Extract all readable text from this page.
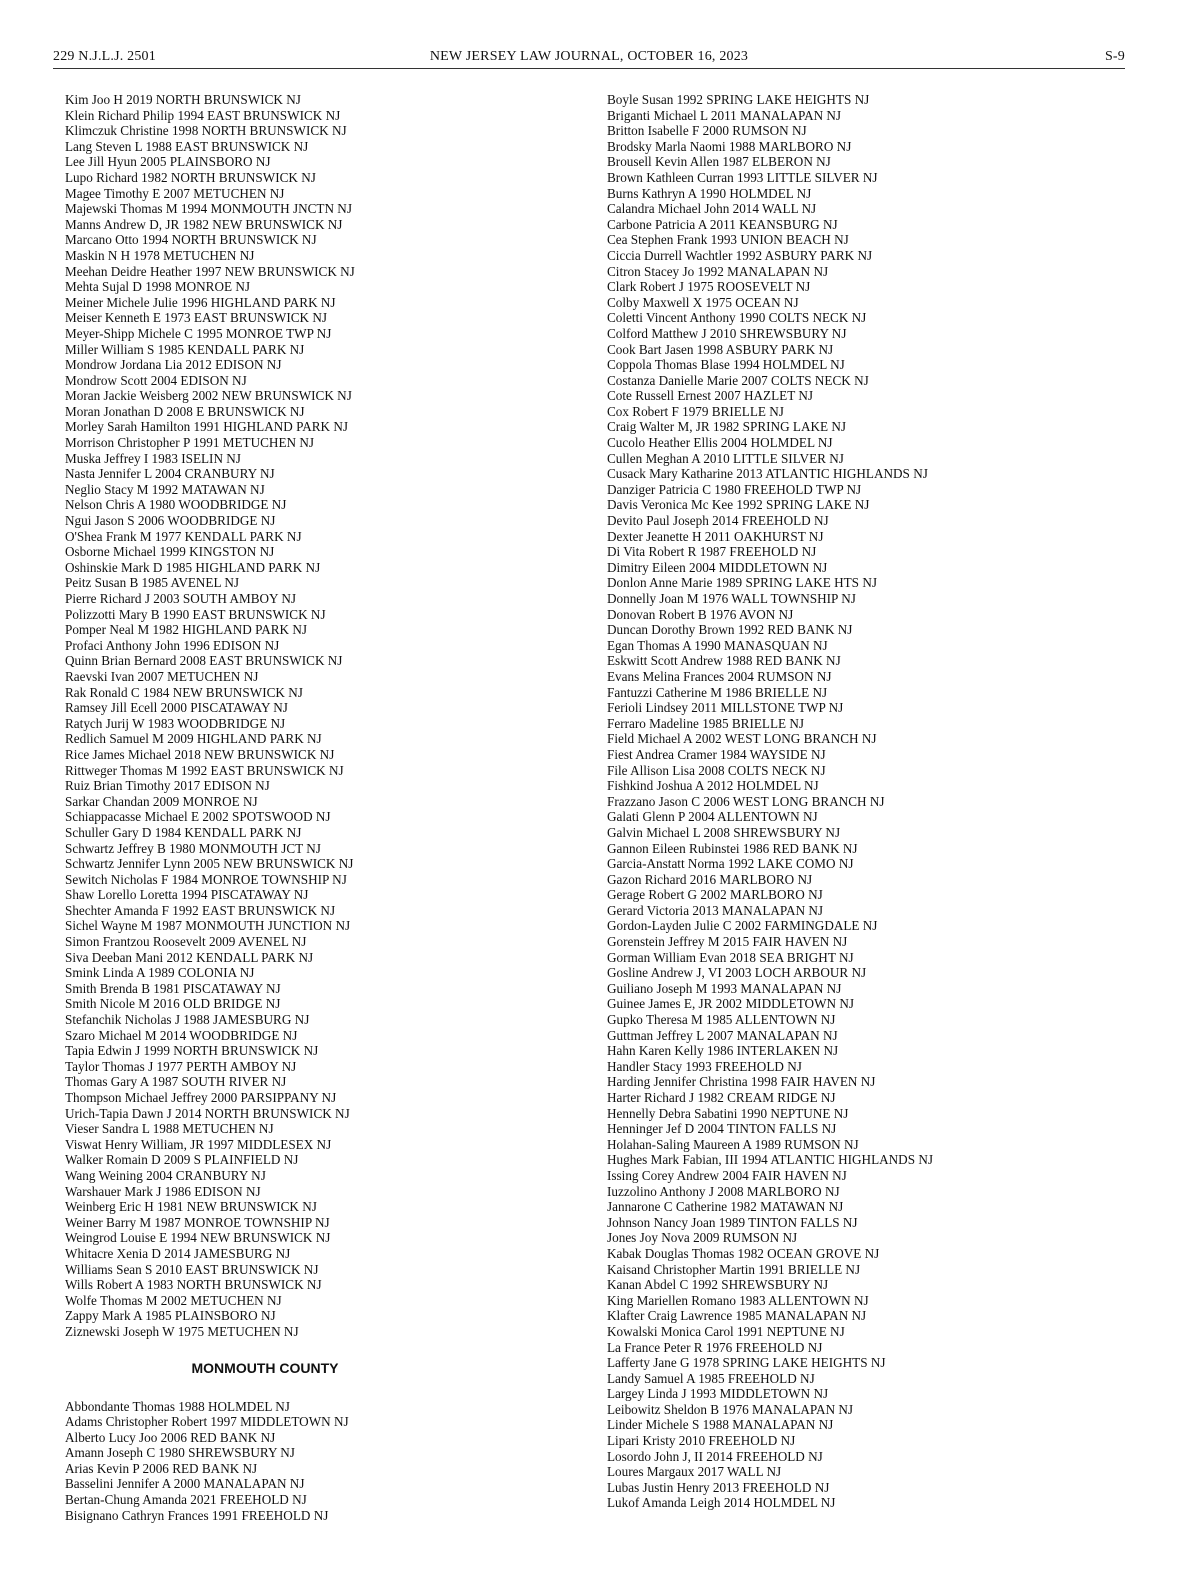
229 N.J.L.J. 2501	NEW JERSEY LAW JOURNAL, OCTOBER 16, 2023	S-9
Kim Joo H 2019 NORTH BRUNSWICK NJ
Klein Richard Philip 1994 EAST BRUNSWICK NJ
Klimczuk Christine 1998 NORTH BRUNSWICK NJ
Lang Steven L 1988 EAST BRUNSWICK NJ
Lee Jill Hyun 2005 PLAINSBORO NJ
Lupo Richard 1982 NORTH BRUNSWICK NJ
Magee Timothy E 2007 METUCHEN NJ
Majewski Thomas M 1994 MONMOUTH JNCTN NJ
Manns Andrew D, JR 1982 NEW BRUNSWICK NJ
Marcano Otto 1994 NORTH BRUNSWICK NJ
Maskin N H 1978 METUCHEN NJ
Meehan Deidre Heather 1997 NEW BRUNSWICK NJ
Mehta Sujal D 1998 MONROE NJ
Meiner Michele Julie 1996 HIGHLAND PARK NJ
Meiser Kenneth E 1973 EAST BRUNSWICK NJ
Meyer-Shipp Michele C 1995 MONROE TWP NJ
Miller William S 1985 KENDALL PARK NJ
Mondrow Jordana Lia 2012 EDISON NJ
Mondrow Scott 2004 EDISON NJ
Moran Jackie Weisberg 2002 NEW BRUNSWICK NJ
Moran Jonathan D 2008 E BRUNSWICK NJ
Morley Sarah Hamilton 1991 HIGHLAND PARK NJ
Morrison Christopher P 1991 METUCHEN NJ
Muska Jeffrey I 1983 ISELIN NJ
Nasta Jennifer L 2004 CRANBURY NJ
Neglio Stacy M 1992 MATAWAN NJ
Nelson Chris A 1980 WOODBRIDGE NJ
Ngui Jason S 2006 WOODBRIDGE NJ
O'Shea Frank M 1977 KENDALL PARK NJ
Osborne Michael 1999 KINGSTON NJ
Oshinskie Mark D 1985 HIGHLAND PARK NJ
Peitz Susan B 1985 AVENEL NJ
Pierre Richard J 2003 SOUTH AMBOY NJ
Polizzotti Mary B 1990 EAST BRUNSWICK NJ
Pomper Neal M 1982 HIGHLAND PARK NJ
Profaci Anthony John 1996 EDISON NJ
Quinn Brian Bernard 2008 EAST BRUNSWICK NJ
Raevski Ivan 2007 METUCHEN NJ
Rak Ronald C 1984 NEW BRUNSWICK NJ
Ramsey Jill Ecell 2000 PISCATAWAY NJ
Ratych Jurij W 1983 WOODBRIDGE NJ
Redlich Samuel M 2009 HIGHLAND PARK NJ
Rice James Michael 2018 NEW BRUNSWICK NJ
Rittweger Thomas M 1992 EAST BRUNSWICK NJ
Ruiz Brian Timothy 2017 EDISON NJ
Sarkar Chandan 2009 MONROE NJ
Schiappacasse Michael E 2002 SPOTSWOOD NJ
Schuller Gary D 1984 KENDALL PARK NJ
Schwartz Jeffrey B 1980 MONMOUTH JCT NJ
Schwartz Jennifer Lynn 2005 NEW BRUNSWICK NJ
Sewitch Nicholas F 1984 MONROE TOWNSHIP NJ
Shaw Lorello Loretta 1994 PISCATAWAY NJ
Shechter Amanda F 1992 EAST BRUNSWICK NJ
Sichel Wayne M 1987 MONMOUTH JUNCTION NJ
Simon Frantzou Roosevelt 2009 AVENEL NJ
Siva Deeban Mani 2012 KENDALL PARK NJ
Smink Linda A 1989 COLONIA NJ
Smith Brenda B 1981 PISCATAWAY NJ
Smith Nicole M 2016 OLD BRIDGE NJ
Stefanchik Nicholas J 1988 JAMESBURG NJ
Szaro Michael M 2014 WOODBRIDGE NJ
Tapia Edwin J 1999 NORTH BRUNSWICK NJ
Taylor Thomas J 1977 PERTH AMBOY NJ
Thomas Gary A 1987 SOUTH RIVER NJ
Thompson Michael Jeffrey 2000 PARSIPPANY NJ
Urich-Tapia Dawn J 2014 NORTH BRUNSWICK NJ
Vieser Sandra L 1988 METUCHEN NJ
Viswat Henry William, JR 1997 MIDDLESEX NJ
Walker Romain D 2009 S PLAINFIELD NJ
Wang Weining 2004 CRANBURY NJ
Warshauer Mark J 1986 EDISON NJ
Weinberg Eric H 1981 NEW BRUNSWICK NJ
Weiner Barry M 1987 MONROE TOWNSHIP NJ
Weingrod Louise E 1994 NEW BRUNSWICK NJ
Whitacre Xenia D 2014 JAMESBURG NJ
Williams Sean S 2010 EAST BRUNSWICK NJ
Wills Robert A 1983 NORTH BRUNSWICK NJ
Wolfe Thomas M 2002 METUCHEN NJ
Zappy Mark A 1985 PLAINSBORO NJ
Ziznewski Joseph W 1975 METUCHEN NJ
MONMOUTH COUNTY
Abbondante Thomas 1988 HOLMDEL NJ
Adams Christopher Robert 1997 MIDDLETOWN NJ
Alberto Lucy Joo 2006 RED BANK NJ
Amann Joseph C 1980 SHREWSBURY NJ
Arias Kevin P 2006 RED BANK NJ
Basselini Jennifer A 2000 MANALAPAN NJ
Bertan-Chung Amanda 2021 FREEHOLD NJ
Bisignano Cathryn Frances 1991 FREEHOLD NJ
Boyle Susan 1992 SPRING LAKE HEIGHTS NJ
Briganti Michael L 2011 MANALAPAN NJ
Britton Isabelle F 2000 RUMSON NJ
Brodsky Marla Naomi 1988 MARLBORO NJ
Brousell Kevin Allen 1987 ELBERON NJ
Brown Kathleen Curran 1993 LITTLE SILVER NJ
Burns Kathryn A 1990 HOLMDEL NJ
Calandra Michael John 2014 WALL NJ
Carbone Patricia A 2011 KEANSBURG NJ
Cea Stephen Frank 1993 UNION BEACH NJ
Ciccia Durrell Wachtler 1992 ASBURY PARK NJ
Citron Stacey Jo 1992 MANALAPAN NJ
Clark Robert J 1975 ROOSEVELT NJ
Colby Maxwell X 1975 OCEAN NJ
Coletti Vincent Anthony 1990 COLTS NECK NJ
Colford Matthew J 2010 SHREWSBURY NJ
Cook Bart Jasen 1998 ASBURY PARK NJ
Coppola Thomas Blase 1994 HOLMDEL NJ
Costanza Danielle Marie 2007 COLTS NECK NJ
Cote Russell Ernest 2007 HAZLET NJ
Cox Robert F 1979 BRIELLE NJ
Craig Walter M, JR 1982 SPRING LAKE NJ
Cucolo Heather Ellis 2004 HOLMDEL NJ
Cullen Meghan A 2010 LITTLE SILVER NJ
Cusack Mary Katharine 2013 ATLANTIC HIGHLANDS NJ
Danziger Patricia C 1980 FREEHOLD TWP NJ
Davis Veronica Mc Kee 1992 SPRING LAKE NJ
Devito Paul Joseph 2014 FREEHOLD NJ
Dexter Jeanette H 2011 OAKHURST NJ
Di Vita Robert R 1987 FREEHOLD NJ
Dimitry Eileen 2004 MIDDLETOWN NJ
Donlon Anne Marie 1989 SPRING LAKE HTS NJ
Donnelly Joan M 1976 WALL TOWNSHIP NJ
Donovan Robert B 1976 AVON NJ
Duncan Dorothy Brown 1992 RED BANK NJ
Egan Thomas A 1990 MANASQUAN NJ
Eskwitt Scott Andrew 1988 RED BANK NJ
Evans Melina Frances 2004 RUMSON NJ
Fantuzzi Catherine M 1986 BRIELLE NJ
Ferioli Lindsey 2011 MILLSTONE TWP NJ
Ferraro Madeline 1985 BRIELLE NJ
Field Michael A 2002 WEST LONG BRANCH NJ
Fiest Andrea Cramer 1984 WAYSIDE NJ
File Allison Lisa 2008 COLTS NECK NJ
Fishkind Joshua A 2012 HOLMDEL NJ
Frazzano Jason C 2006 WEST LONG BRANCH NJ
Galati Glenn P 2004 ALLENTOWN NJ
Galvin Michael L 2008 SHREWSBURY NJ
Gannon Eileen Rubinstei 1986 RED BANK NJ
Garcia-Anstatt Norma 1992 LAKE COMO NJ
Gazon Richard 2016 MARLBORO NJ
Gerage Robert G 2002 MARLBORO NJ
Gerard Victoria 2013 MANALAPAN NJ
Gordon-Layden Julie C 2002 FARMINGDALE NJ
Gorenstein Jeffrey M 2015 FAIR HAVEN NJ
Gorman William Evan 2018 SEA BRIGHT NJ
Gosline Andrew J, VI 2003 LOCH ARBOUR NJ
Guiliano Joseph M 1993 MANALAPAN NJ
Guinee James E, JR 2002 MIDDLETOWN NJ
Gupko Theresa M 1985 ALLENTOWN NJ
Guttman Jeffrey L 2007 MANALAPAN NJ
Hahn Karen Kelly 1986 INTERLAKEN NJ
Handler Stacy 1993 FREEHOLD NJ
Harding Jennifer Christina 1998 FAIR HAVEN NJ
Harter Richard J 1982 CREAM RIDGE NJ
Hennelly Debra Sabatini 1990 NEPTUNE NJ
Henninger Jef D 2004 TINTON FALLS NJ
Holahan-Saling Maureen A 1989 RUMSON NJ
Hughes Mark Fabian, III 1994 ATLANTIC HIGHLANDS NJ
Issing Corey Andrew 2004 FAIR HAVEN NJ
Iuzzolino Anthony J 2008 MARLBORO NJ
Jannarone C Catherine 1982 MATAWAN NJ
Johnson Nancy Joan 1989 TINTON FALLS NJ
Jones Joy Nova 2009 RUMSON NJ
Kabak Douglas Thomas 1982 OCEAN GROVE NJ
Kaisand Christopher Martin 1991 BRIELLE NJ
Kanan Abdel C 1992 SHREWSBURY NJ
King Mariellen Romano 1983 ALLENTOWN NJ
Klafter Craig Lawrence 1985 MANALAPAN NJ
Kowalski Monica Carol 1991 NEPTUNE NJ
La France Peter R 1976 FREEHOLD NJ
Lafferty Jane G 1978 SPRING LAKE HEIGHTS NJ
Landy Samuel A 1985 FREEHOLD NJ
Largey Linda J 1993 MIDDLETOWN NJ
Leibowitz Sheldon B 1976 MANALAPAN NJ
Linder Michele S 1988 MANALAPAN NJ
Lipari Kristy 2010 FREEHOLD NJ
Losordo John J, II 2014 FREEHOLD NJ
Loures Margaux 2017 WALL NJ
Lubas Justin Henry 2013 FREEHOLD NJ
Lukof Amanda Leigh 2014 HOLMDEL NJ
